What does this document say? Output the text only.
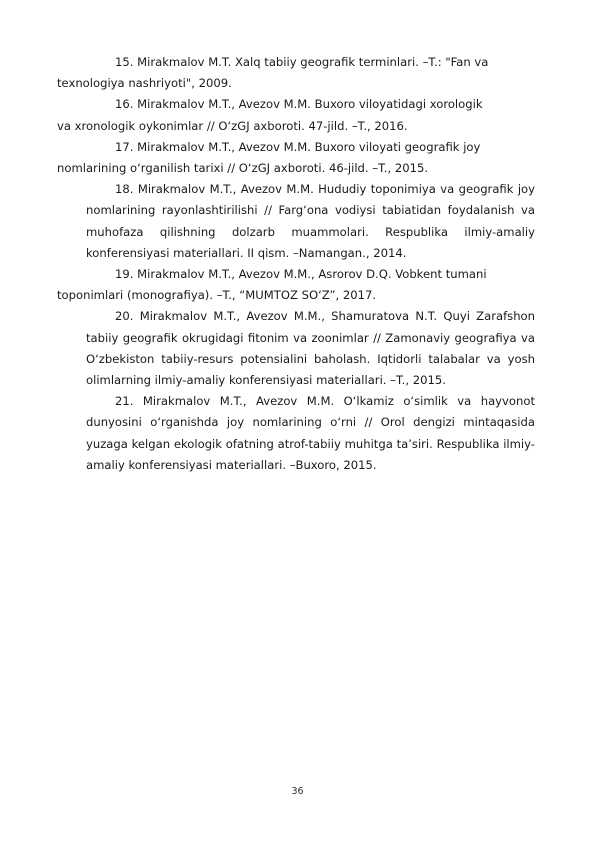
15. Mirakmalov M.T. Xalq tabiiy geografik terminlari. –T.: "Fan va
texnologiya nashriyoti", 2009.

16. Mirakmalov M.T., Avezov M.M. Buxoro viloyatidagi xorologik
va xronologik oykonimlar // O‘zGJ axboroti. 47-jild. –T., 2016.

17. Mirakmalov M.T., Avezov M.M. Buxoro viloyati geografik joy
nomlarining o‘rganilish tarixi // O‘zGJ axboroti. 46-jild. –T., 2015.

18. Mirakmalov M.T., Avezov M.M. Hududiy toponimiya va geografik joy nomlarining rayonlashtirilishi // Farg‘ona vodiysi tabiatidan foydalanish va muhofaza qilishning dolzarb muammolari. Respublika ilmiy-amaliy konferensiyasi materiallari. II qism. –Namangan., 2014.

19. Mirakmalov M.T., Avezov M.M., Asrorov D.Q. Vobkent tumani
toponimlari (monografiya). –T., “MUMTOZ SO‘Z”, 2017.

20. Mirakmalov M.T., Avezov M.M., Shamuratova N.T. Quyi Zarafshon tabiiy geografik okrugidagi fitonim va zoonimlar // Zamonaviy geografiya va O‘zbekiston tabiiy-resurs potensialini baholash. Iqtidorli talabalar va yosh olimlarning ilmiy-amaliy konferensiyasi materiallari. –T., 2015.

21. Mirakmalov M.T., Avezov M.M. O‘lkamiz o‘simlik va hayvonot dunyosini o‘rganishda joy nomlarining o‘rni // Orol dengizi mintaqasida yuzaga kelgan ekologik ofatning atrof-tabiiy muhitga ta’siri. Respublika ilmiy-amaliy konferensiyasi materiallari. –Buxoro, 2015.

36
